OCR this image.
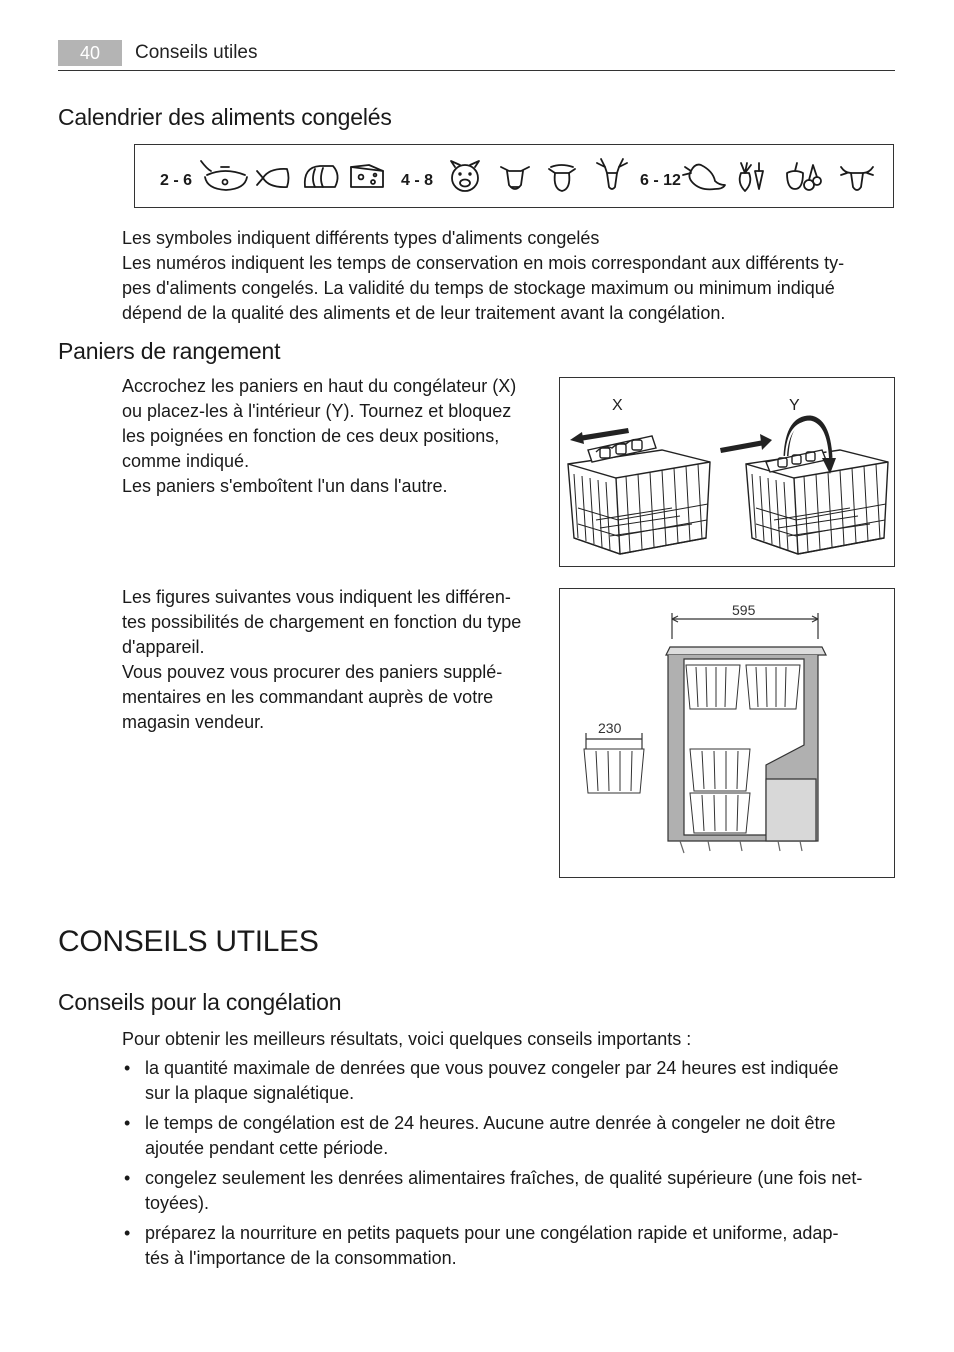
40	Conseils utiles
Calendrier des aliments congelés
2 - 6	4 - 8	6 - 12
Les symboles indiquent différents types d'aliments congelés
Les numéros indiquent les temps de conservation en mois correspondant aux différents ty-
pes d'aliments congelés. La validité du temps de stockage maximum ou minimum indiqué
dépend de la qualité des aliments et de leur traitement avant la congélation.
Paniers de rangement
Accrochez les paniers en haut du congélateur (X)
ou placez-les à l'intérieur (Y). Tournez et bloquez
les poignées en fonction de ces deux positions,
comme indiqué.
Les paniers s'emboîtent l'un dans l'autre.
X	Y
Les figures suivantes vous indiquent les différen-
tes possibilités de chargement en fonction du type
d'appareil.
Vous pouvez vous procurer des paniers supplé-
mentaires en les commandant auprès de votre
magasin vendeur.
595
230
CONSEILS UTILES
Conseils pour la congélation
Pour obtenir les meilleurs résultats, voici quelques conseils importants :
• la quantité maximale de denrées que vous pouvez congeler par 24 heures est indiquée
sur la plaque signalétique.
• le temps de congélation est de 24 heures. Aucune autre denrée à congeler ne doit être
ajoutée pendant cette période.
• congelez seulement les denrées alimentaires fraîches, de qualité supérieure (une fois net-
toyées).
• préparez la nourriture en petits paquets pour une congélation rapide et uniforme, adap-
tés à l'importance de la consommation.
